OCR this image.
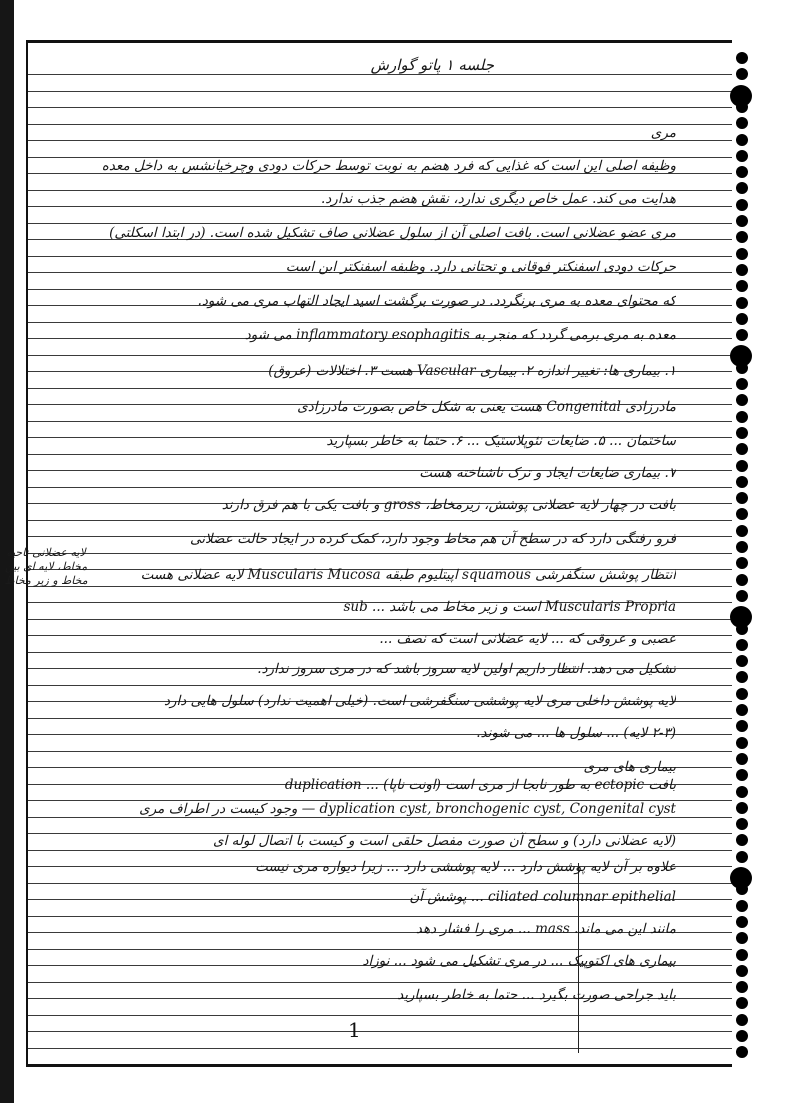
جلسه ۱ پاتو گوارش
مری
وظیفه اصلی این است که غذایی که فرد هضم به نوبت توسط حرکات دودی وچرخیانشس به داخل معده
هدایت می کند. عمل خاص دیگری ندارد، نقش هضم جذب ندارد.
مری عضو عضلانی است. بافت اصلی آن از سلول عضلانی صاف تشکیل شده است. (در ابتدا اسکلتی)
حرکات دودی اسفنکتر فوقانی و تحتانی دارد. وظیفه اسفنکتر این است
که محتوای معده به مری برنگردد. در صورت برگشت اسید ایجاد التهاب مری می شود.
معده به مری برمی گردد که منجر به inflammatory esophagitis می شود
۱. بیماری ها: تغییر اندازه ۲. بیماری Vascular هست ۳. اختلالات (عروق)
مادرزادی Congenital هست یعنی به شکل خاص بصورت مادرزادی
ساختمان ... ۵. ضایعات نئوپلاستیک ... ۶. حتما به خاطر بسپارید
۷. بیماری ضایعات ایجاد و ترک ناشناخته هست
بافت در چهار لایه عضلانی پوشش، زیرمخاط، gross و بافت یکی با هم فرق دارند
فرو رفتگی دارد که در سطح آن هم مخاط وجود دارد، کمک کرده در ایجاد حالت عضلانی
انتظار پوشش سنگفرشی squamous اپیتلیوم طبقه Muscularis Mucosa لایه عضلانی هست
Muscularis Propria است و زیر مخاط می باشد ... sub
عصبی و عروقی که ... لایه عضلانی است که نصف ...
تشکیل می دهد. انتظار داریم اولین لایه سروز باشد که در مری سروز ندارد.
لایه پوشش داخلی مری لایه پوششی سنگفرشی است. (خیلی اهمیت ندارد) سلول هایی دارد
(۲-۳ لایه) ... سلول ها ... می شوند.
بیماری های مری
بافت ectopic به طور نابجا از مری است (اونت ناپا) ... duplication
dyplication cyst, bronchogenic cyst, Congenital cyst — وجود کیست در اطراف مری
(لایه عضلانی دارد) و سطح آن صورت مفصل حلقی است و کیست با اتصال لوله ای
علاوه بر آن لایه پوشش دارد ... لایه پوششی دارد ... زیرا دیواره مری نیست
ciliated columnar epithelial ... پوشش آن
مانند این می ماند. mass ... مری را فشار دهد
بیماری های اکتوپیک ... در مری تشکیل می شود ... نوزاد
باید جراحی صورت بگیرد ... حتما به خاطر بسپارید
لایه عضلانی ناحیه مخاط، لایه ای بین مخاط و زیر مخاط
1
